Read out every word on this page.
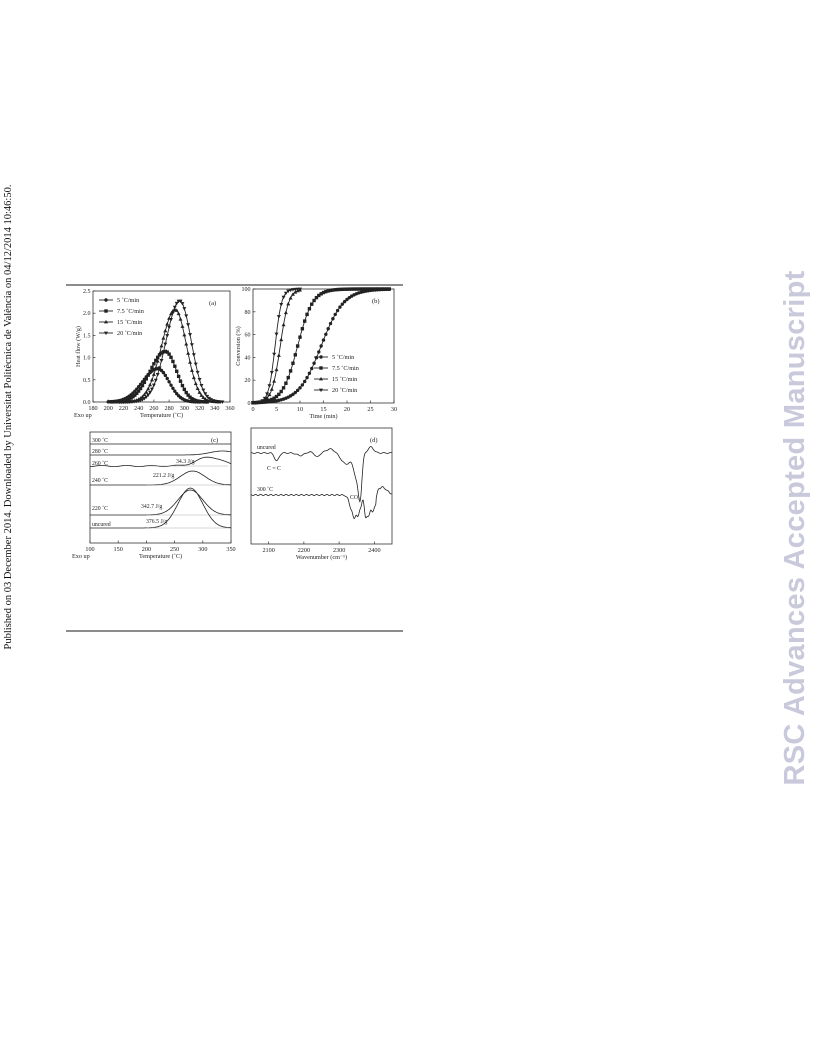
Published on 03 December 2014. Downloaded by Universitat Politècnica de València on 04/12/2014 10:46:50.	RSC Advances Accepted Manuscript
180 200 220 240 260 280 300 320 340 360
0.0
0.5
1.0
1.5
2.0
2.5
Temperature (˚C)
Heat flow (W/g)
Exo up
(a)
5 ˚C/min
7.5 ˚C/min
15 ˚C/min
20 ˚C/min
0	5	10	15	20	25	30
0
20
40
60
80
100
Time (min)
Conversion (%)
(b)
5 ˚C/min
7.5 ˚C/min
15 ˚C/min
20 ˚C/min
100	150	200	250	300	350
Temperature (˚C)
Exo up
(c)
300 ˚C
280 ˚C
260 ˚C	34.3 J/g
240 ˚C
221.2 J/g
220 ˚C	342.7 J/g
uncured	376.5 J/g
2100	2200	2300	2400
Wavenumber (cm⁻¹)
(d)
uncured
300 ˚C
C = C
CO₂
